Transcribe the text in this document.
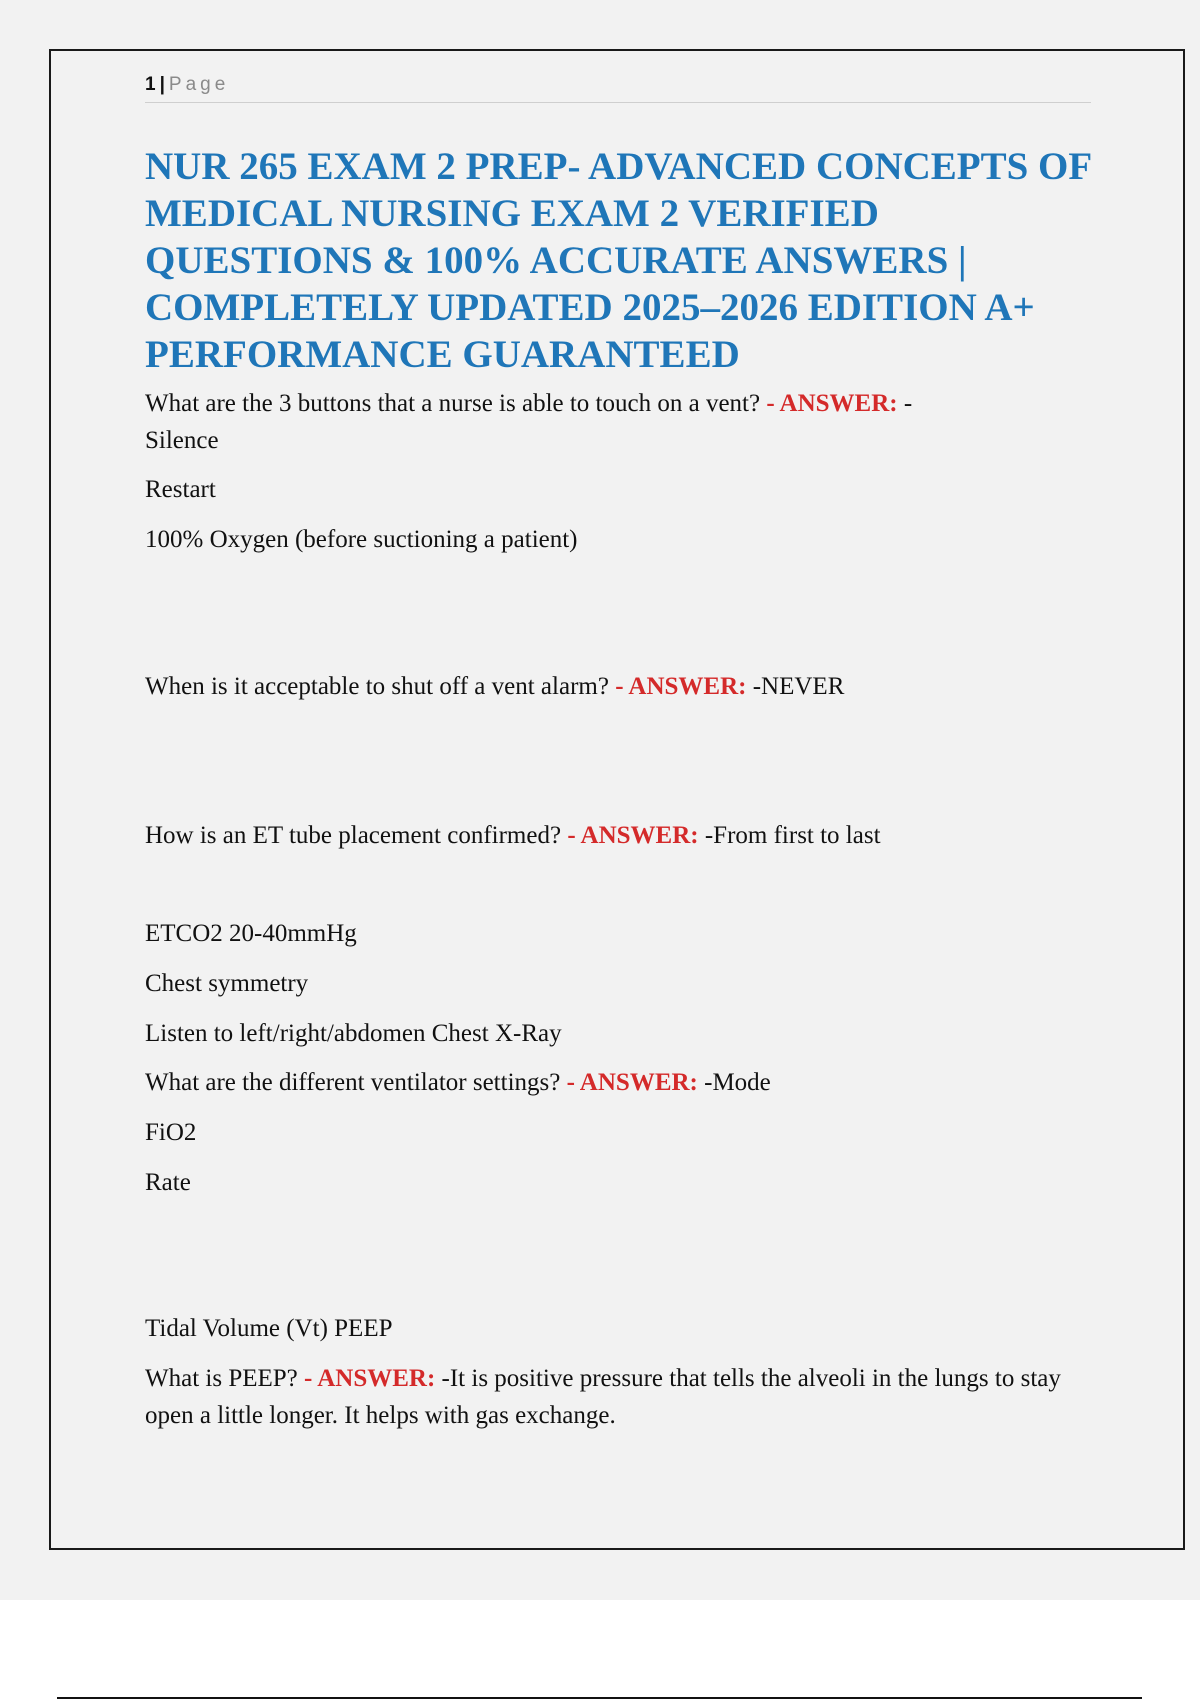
1 | Page
NUR 265 EXAM 2 PREP- ADVANCED CONCEPTS OF MEDICAL NURSING EXAM 2 VERIFIED QUESTIONS & 100% ACCURATE ANSWERS | COMPLETELY UPDATED 2025–2026 EDITION A+ PERFORMANCE GUARANTEED

What are the 3 buttons that a nurse is able to touch on a vent? - ANSWER: -
Silence

Restart

100% Oxygen (before suctioning a patient)

When is it acceptable to shut off a vent alarm? - ANSWER: -NEVER

How is an ET tube placement confirmed? - ANSWER: -From first to last

ETCO2 20-40mmHg

Chest symmetry

Listen to left/right/abdomen Chest X-Ray

What are the different ventilator settings? - ANSWER: -Mode

FiO2

Rate

Tidal Volume (Vt) PEEP

What is PEEP? - ANSWER: -It is positive pressure that tells the alveoli in the lungs to stay open a little longer. It helps with gas exchange.
